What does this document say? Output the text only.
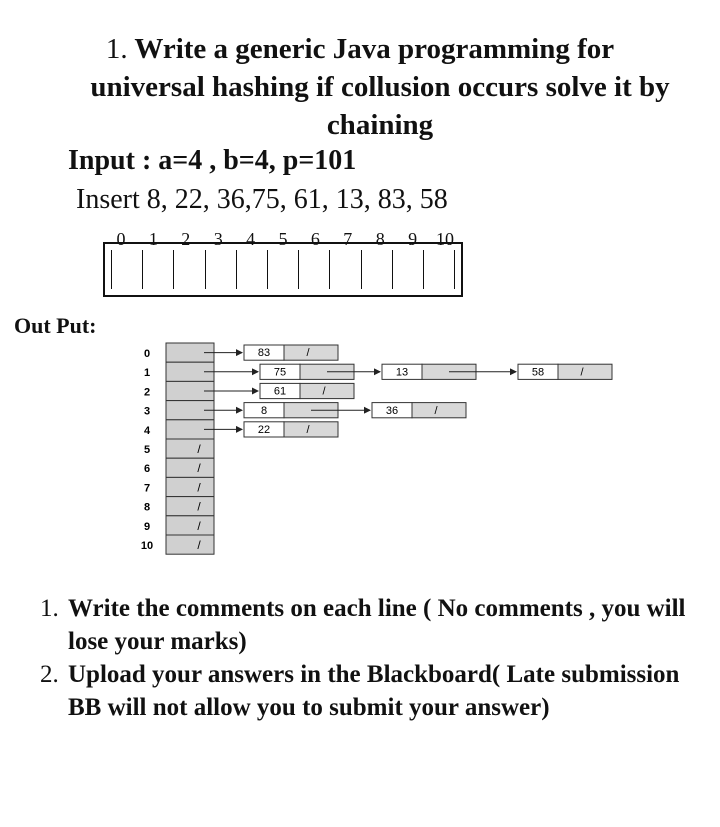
1. Write a generic Java programming for
universal hashing if collusion occurs solve it by
chaining
Input : a=4 , b=4, p=101
Insert 8, 22, 36,75, 61, 13, 83, 58
0	1	2	3	4	5	6	7	8	9	10
Out Put:
0
1
2
3
4
5
6
7
8
9
10
/
/
/
/
/
/
83	/
75	13	58	/
61	/
8	36	/
22	/
1. Write the comments on each line ( No comments , you will lose your marks)
2. Upload your answers in the Blackboard( Late submission BB will not allow you to submit your answer)
